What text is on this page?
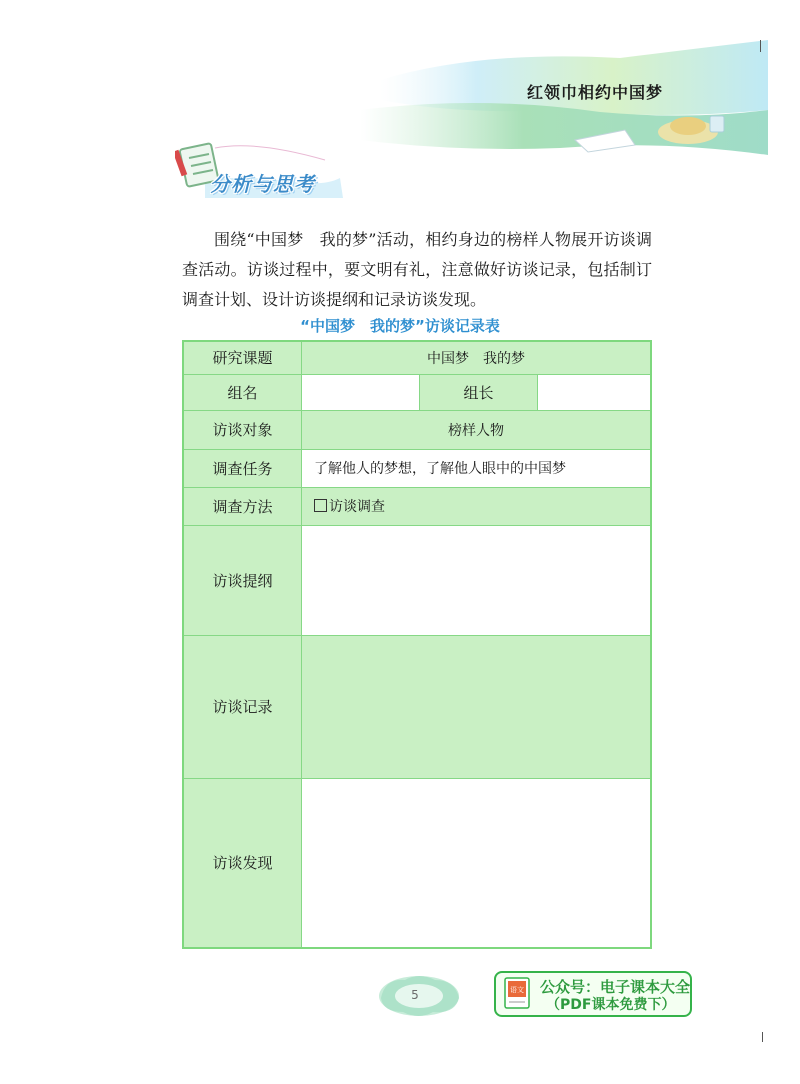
红领巾相约中国梦
分析与思考
围绕“中国梦　我的梦”活动，相约身边的榜样人物展开访谈调查活动。访谈过程中，要文明有礼，注意做好访谈记录，包括制订调查计划、设计访谈提纲和记录访谈发现。
“中国梦　我的梦”访谈记录表
研究课题	中国梦　我的梦		
组名		组长	
访谈对象	榜样人物		
调查任务	了解他人的梦想，了解他人眼中的中国梦		
调查方法	访谈调查		
访谈提纲			
访谈记录			
访谈发现			
5	语文 公众号：电子课本大全
（PDF课本免费下）
